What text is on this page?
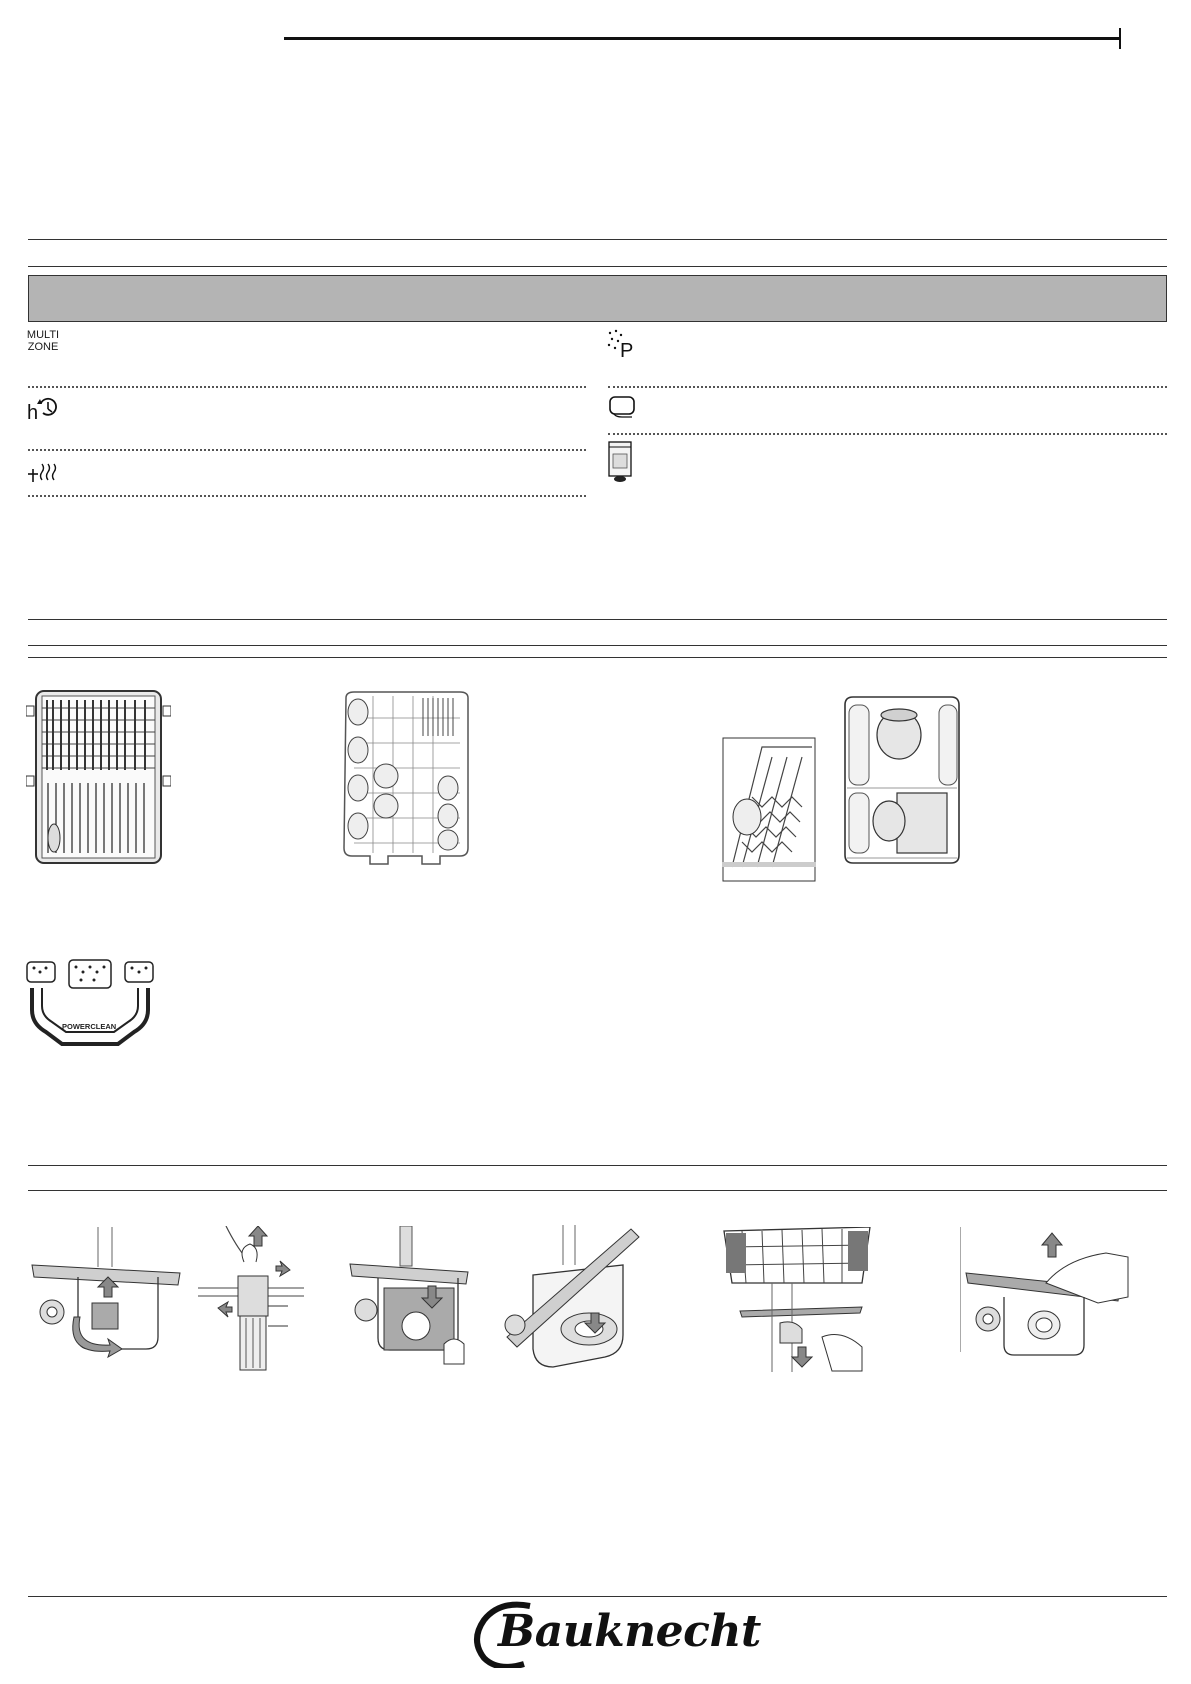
MULTI
ZONE
h
P
POWERCLEAN
Bauknecht
